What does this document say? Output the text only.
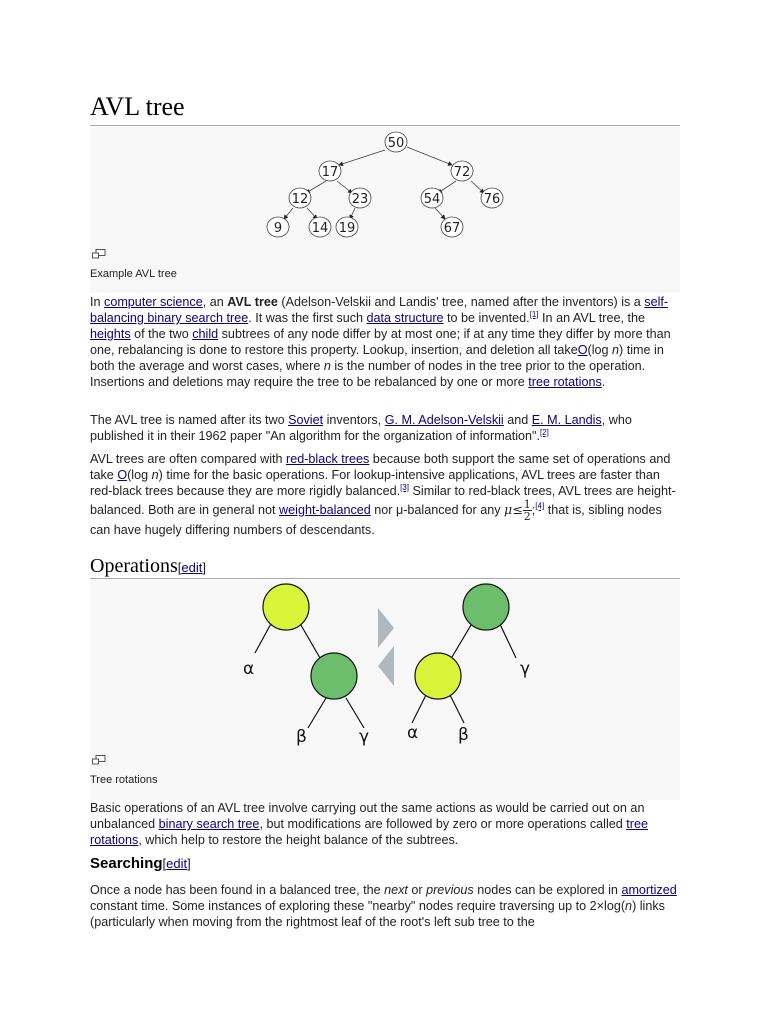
AVL tree
50
17	72
12	23	54	76
9 14 19	67
Example AVL tree

In computer science, an AVL tree (Adelson-Velskii and Landis' tree, named after the inventors) is a self-balancing binary search tree. It was the first such data structure to be invented.[1] In an AVL tree, the heights of the two child subtrees of any node differ by at most one; if at any time they differ by more than one, rebalancing is done to restore this property. Lookup, insertion, and deletion all takeO(log n) time in both the average and worst cases, where n is the number of nodes in the tree prior to the operation. Insertions and deletions may require the tree to be rebalanced by one or more tree rotations.

The AVL tree is named after its two Soviet inventors, G. M. Adelson-Velskii and E. M. Landis, who published it in their 1962 paper "An algorithm for the organization of information".[2]

AVL trees are often compared with red-black trees because both support the same set of operations and take O(log n) time for the basic operations. For lookup-intensive applications, AVL trees are faster than red-black trees because they are more rigidly balanced.[3] Similar to red-black trees, AVL trees are height-balanced. Both are in general not weight-balanced nor μ-balanced for any $\mu\le \frac{1}{2}$ ;[4] that is, sibling nodes can have hugely differing numbers of descendants.

Operations[edit]
α
β	γ α β
γ
Tree rotations

Basic operations of an AVL tree involve carrying out the same actions as would be carried out on an unbalanced binary search tree, but modifications are followed by zero or more operations called tree rotations, which help to restore the height balance of the subtrees.

Searching[edit]

Once a node has been found in a balanced tree, the next or previous nodes can be explored in amortized constant time. Some instances of exploring these "nearby" nodes require traversing up to 2×log(n) links (particularly when moving from the rightmost leaf of the root's left sub tree to the
